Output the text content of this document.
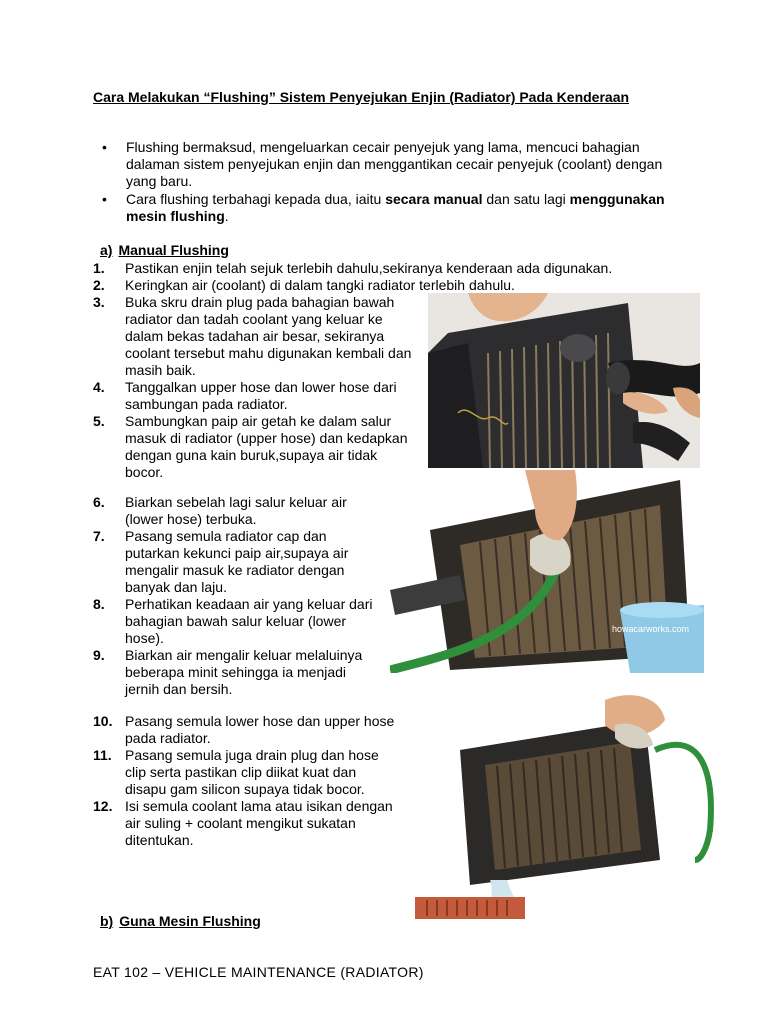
Cara Melakukan “Flushing” Sistem Penyejukan Enjin (Radiator) Pada Kenderaan
• Flushing bermaksud, mengeluarkan cecair penyejuk yang lama, mencuci bahagian dalaman sistem penyejukan enjin dan menggantikan cecair penyejuk (coolant) dengan yang baru.
• Cara flushing terbahagi kepada dua, iaitu secara manual dan satu lagi menggunakan mesin flushing.
a) Manual Flushing
1. Pastikan enjin telah sejuk terlebih dahulu,sekiranya kenderaan ada digunakan.
2. Keringkan air (coolant) di dalam tangki radiator terlebih dahulu.
3. Buka skru drain plug pada bahagian bawah radiator dan tadah coolant yang keluar ke dalam bekas tadahan air besar, sekiranya coolant tersebut mahu digunakan kembali dan masih baik.
4. Tanggalkan upper hose dan lower hose dari sambungan pada radiator.
5. Sambungkan paip air getah ke dalam salur masuk di radiator (upper hose) dan kedapkan dengan guna kain buruk,supaya air tidak bocor.
6. Biarkan sebelah lagi salur keluar air (lower hose) terbuka.
7. Pasang semula radiator cap dan putarkan kekunci paip air,supaya air mengalir masuk ke radiator dengan banyak dan laju.
8. Perhatikan keadaan air yang keluar dari bahagian bawah salur keluar (lower hose).
9. Biarkan air mengalir keluar melaluinya beberapa minit sehingga ia menjadi jernih dan bersih.
10. Pasang semula lower hose dan upper hose pada radiator.
11. Pasang semula juga drain plug dan hose clip serta pastikan clip diikat kuat dan disapu gam silicon supaya tidak bocor.
12. Isi semula coolant lama atau isikan dengan air suling + coolant mengikut sukatan ditentukan.
b) Guna Mesin Flushing
EAT 102 – VEHICLE MAINTENANCE (RADIATOR)
howacarworks.com
